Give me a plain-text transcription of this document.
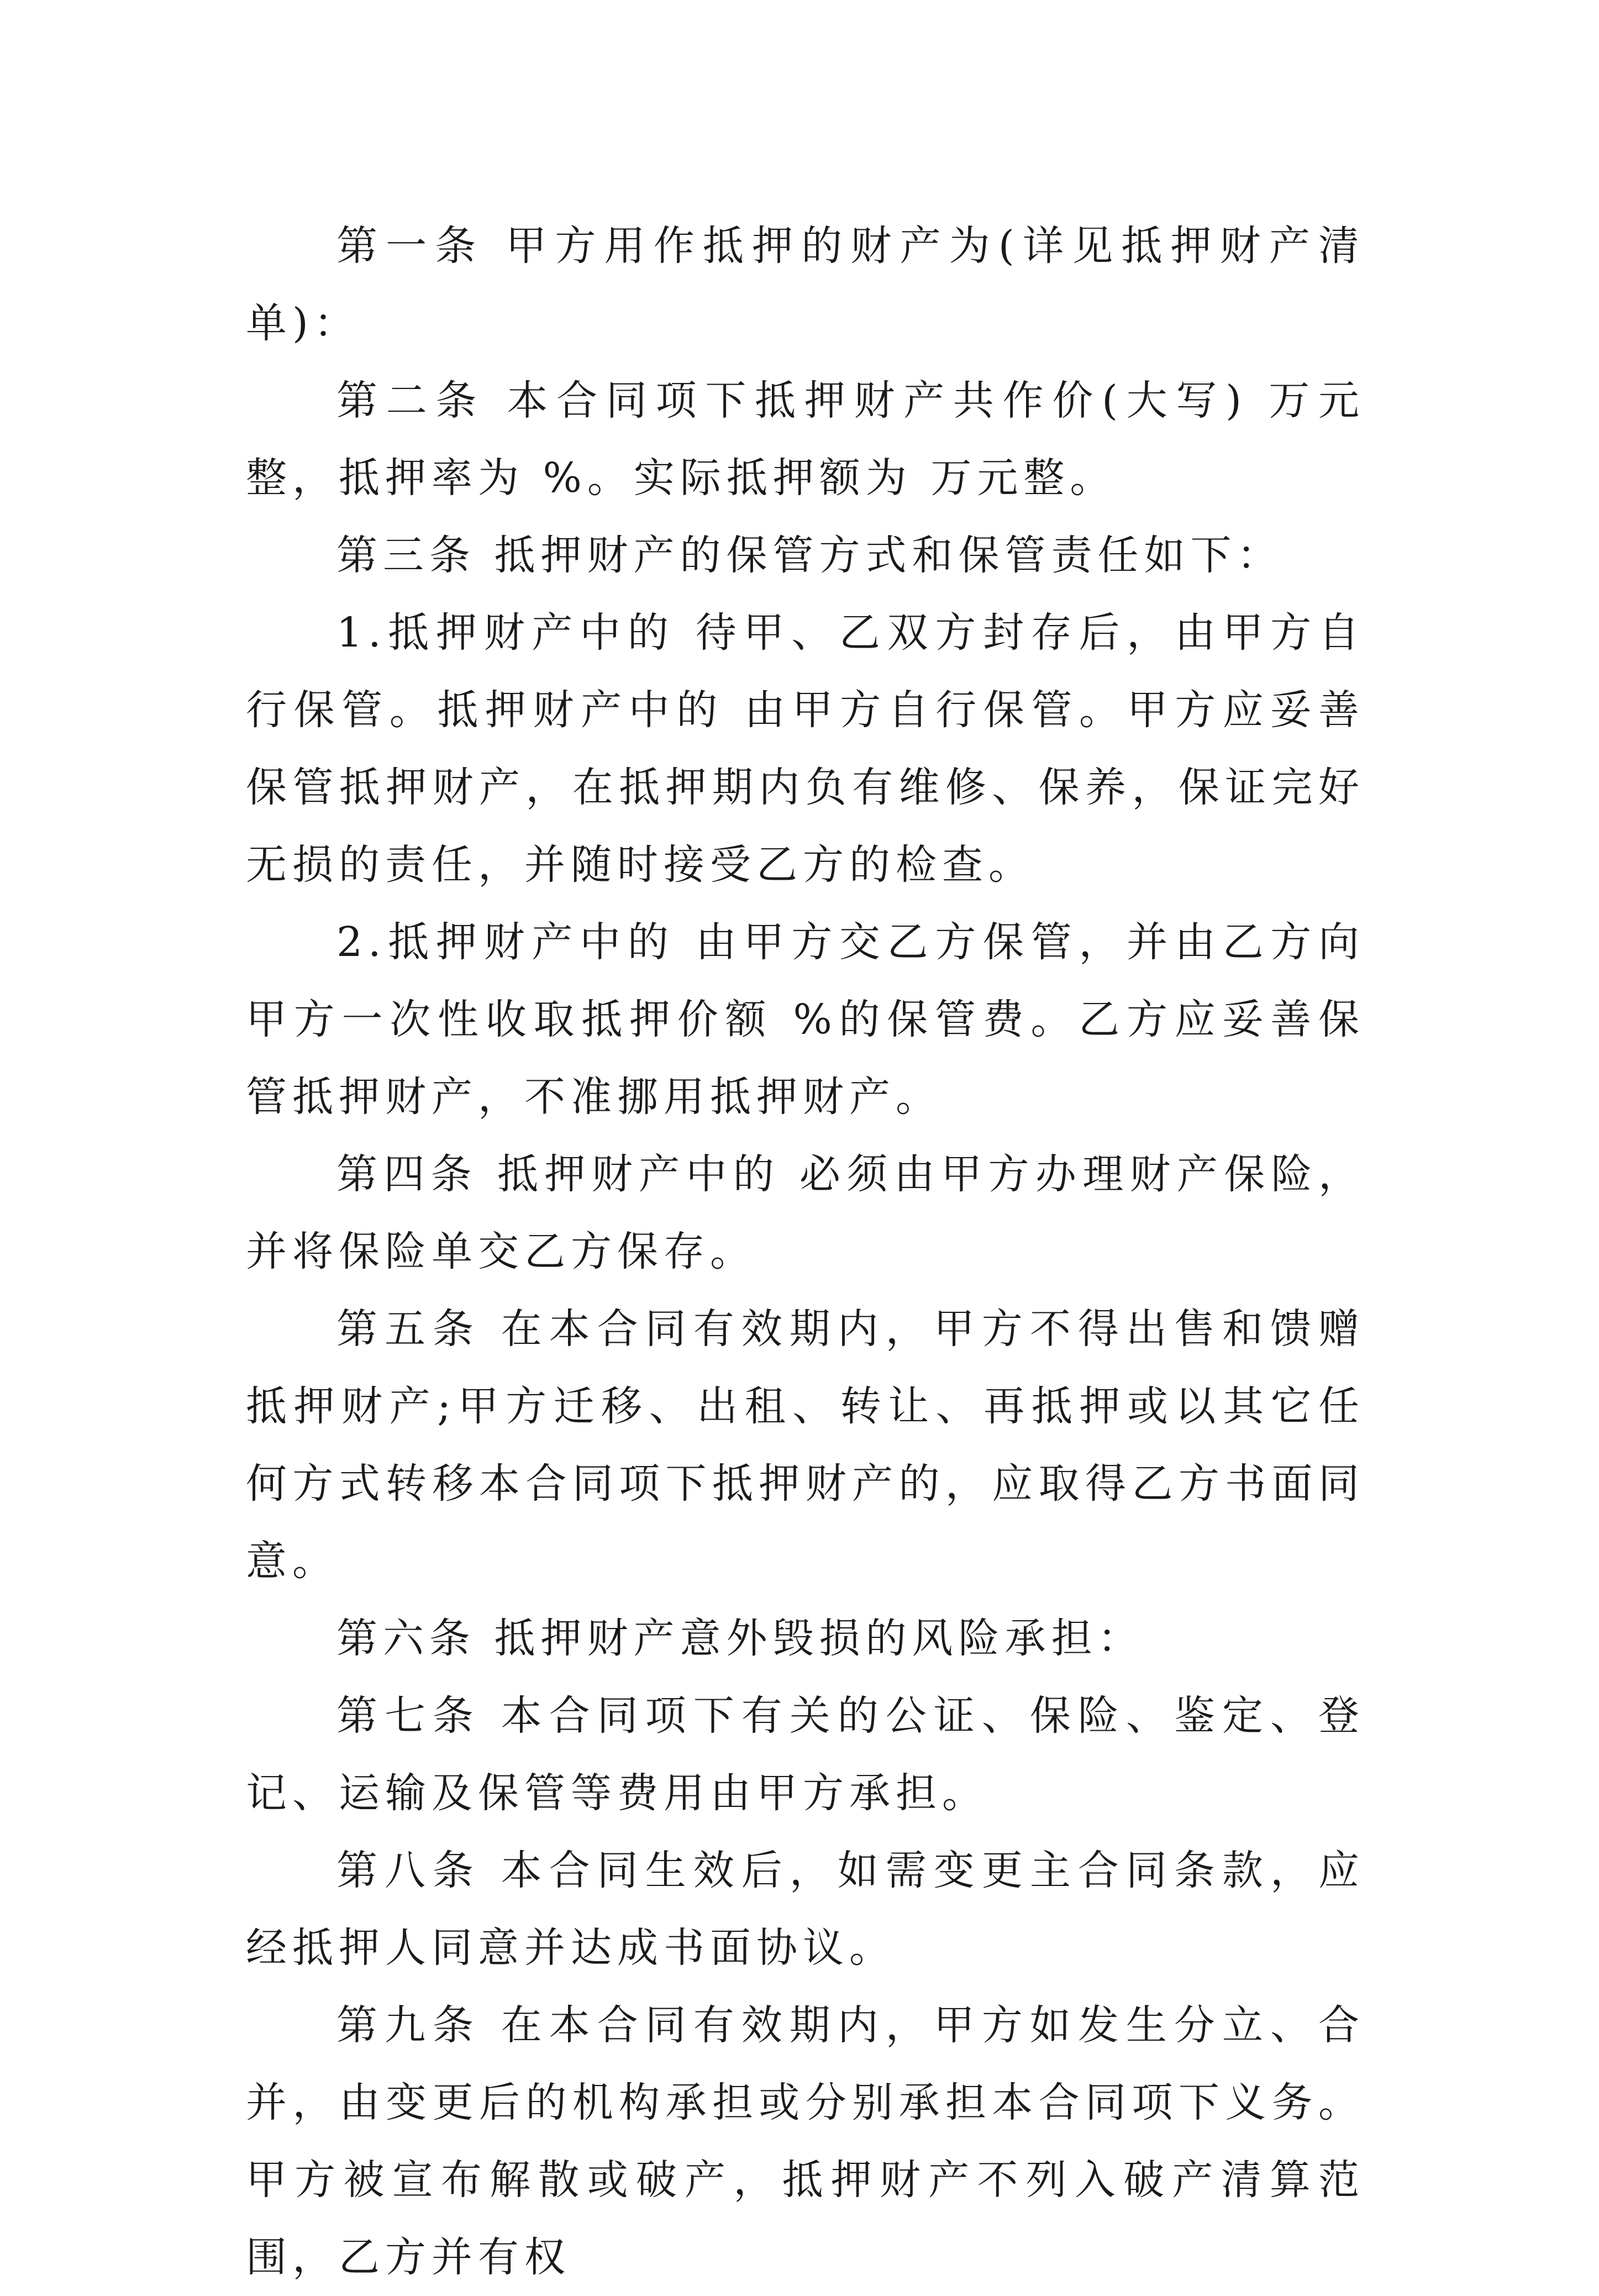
第一条 甲方用作抵押的财产为(详见抵押财产清单)：

第二条 本合同项下抵押财产共作价(大写) 万元整，抵押率为 %。实际抵押额为 万元整。

第三条 抵押财产的保管方式和保管责任如下：

1.抵押财产中的 待甲、乙双方封存后，由甲方自行保管。抵押财产中的 由甲方自行保管。甲方应妥善保管抵押财产，在抵押期内负有维修、保养，保证完好无损的责任，并随时接受乙方的检查。

2.抵押财产中的 由甲方交乙方保管，并由乙方向甲方一次性收取抵押价额 %的保管费。乙方应妥善保管抵押财产，不准挪用抵押财产。

第四条 抵押财产中的 必须由甲方办理财产保险，并将保险单交乙方保存。

第五条 在本合同有效期内，甲方不得出售和馈赠抵押财产;甲方迁移、出租、转让、再抵押或以其它任何方式转移本合同项下抵押财产的，应取得乙方书面同意。

第六条 抵押财产意外毁损的风险承担：

第七条 本合同项下有关的公证、保险、鉴定、登记、运输及保管等费用由甲方承担。

第八条 本合同生效后，如需变更主合同条款，应经抵押人同意并达成书面协议。

第九条 在本合同有效期内，甲方如发生分立、合并，由变更后的机构承担或分别承担本合同项下义务。甲方被宣布解散或破产，抵押财产不列入破产清算范围，乙方并有权
